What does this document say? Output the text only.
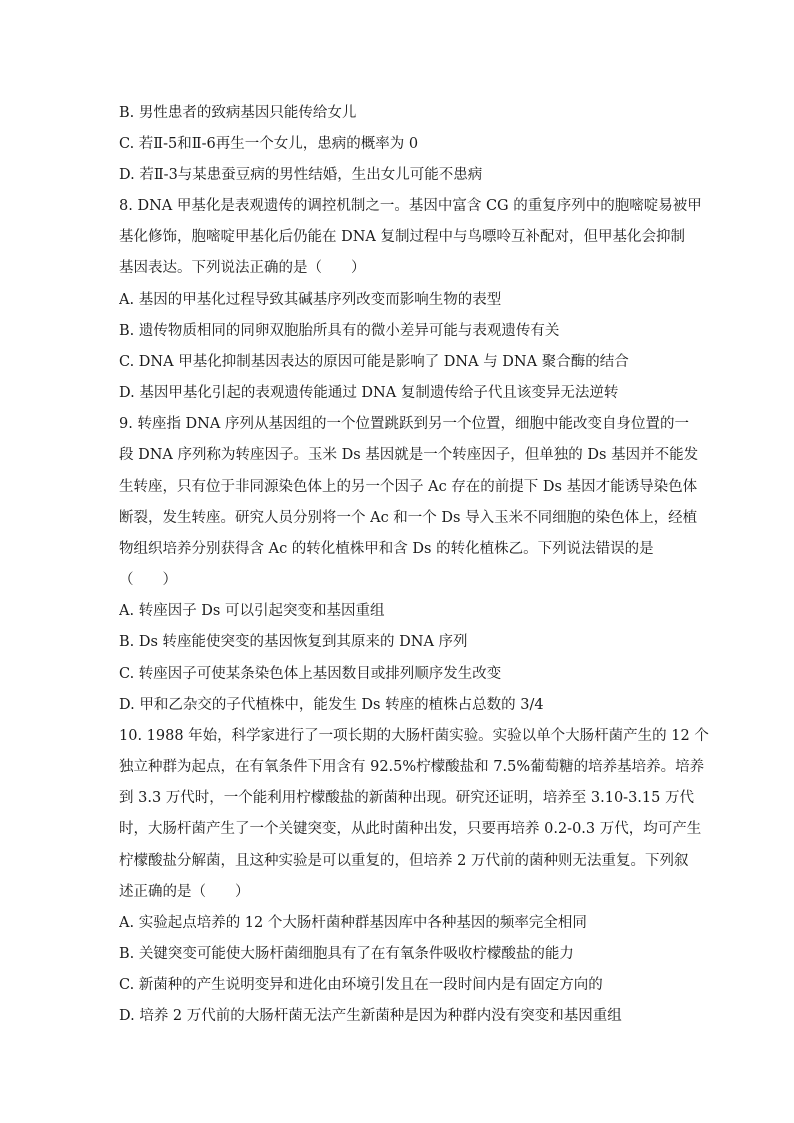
B. 男性患者的致病基因只能传给女儿
C. 若Ⅱ-5和Ⅱ-6再生一个女儿，患病的概率为 0
D. 若Ⅱ-3与某患蚕豆病的男性结婚，生出女儿可能不患病
8. DNA 甲基化是表观遗传的调控机制之一。基因中富含 CG 的重复序列中的胞嘧啶易被甲
基化修饰，胞嘧啶甲基化后仍能在 DNA 复制过程中与鸟嘌呤互补配对，但甲基化会抑制
基因表达。下列说法正确的是（　　）
A. 基因的甲基化过程导致其碱基序列改变而影响生物的表型
B. 遗传物质相同的同卵双胞胎所具有的微小差异可能与表观遗传有关
C. DNA 甲基化抑制基因表达的原因可能是影响了 DNA 与 DNA 聚合酶的结合
D. 基因甲基化引起的表观遗传能通过 DNA 复制遗传给子代且该变异无法逆转
9. 转座指 DNA 序列从基因组的一个位置跳跃到另一个位置，细胞中能改变自身位置的一
段 DNA 序列称为转座因子。玉米 Ds 基因就是一个转座因子，但单独的 Ds 基因并不能发
生转座，只有位于非同源染色体上的另一个因子 Ac 存在的前提下 Ds 基因才能诱导染色体
断裂，发生转座。研究人员分别将一个 Ac 和一个 Ds 导入玉米不同细胞的染色体上，经植
物组织培养分别获得含 Ac 的转化植株甲和含 Ds 的转化植株乙。下列说法错误的是
（　　）
A. 转座因子 Ds 可以引起突变和基因重组
B. Ds 转座能使突变的基因恢复到其原来的 DNA 序列
C. 转座因子可使某条染色体上基因数目或排列顺序发生改变
D. 甲和乙杂交的子代植株中，能发生 Ds 转座的植株占总数的 3/4
10. 1988 年始，科学家进行了一项长期的大肠杆菌实验。实验以单个大肠杆菌产生的 12 个
独立种群为起点，在有氧条件下用含有 92.5%柠檬酸盐和 7.5%葡萄糖的培养基培养。培养
到 3.3 万代时，一个能利用柠檬酸盐的新菌种出现。研究还证明，培养至 3.10-3.15 万代
时，大肠杆菌产生了一个关键突变，从此时菌种出发，只要再培养 0.2-0.3 万代，均可产生
柠檬酸盐分解菌，且这种实验是可以重复的，但培养 2 万代前的菌种则无法重复。下列叙
述正确的是（　　）
A. 实验起点培养的 12 个大肠杆菌种群基因库中各种基因的频率完全相同
B. 关键突变可能使大肠杆菌细胞具有了在有氧条件吸收柠檬酸盐的能力
C. 新菌种的产生说明变异和进化由环境引发且在一段时间内是有固定方向的
D. 培养 2 万代前的大肠杆菌无法产生新菌种是因为种群内没有突变和基因重组
